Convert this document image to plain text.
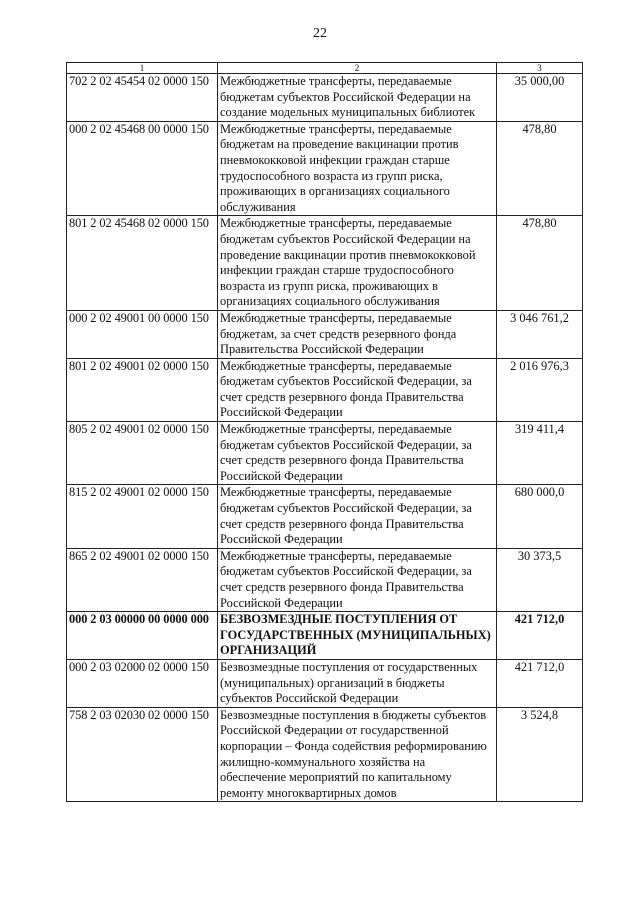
22
1	2	3
702 2 02 45454 02 0000 150	Межбюджетные трансферты, передаваемые бюджетам субъектов Российской Федерации на создание модельных муниципальных библиотек	35 000,00
000 2 02 45468 00 0000 150	Межбюджетные трансферты, передаваемые бюджетам на проведение вакцинации против пневмококковой инфекции граждан старше трудоспособного возраста из групп риска, проживающих в организациях социального обслуживания	478,80
801 2 02 45468 02 0000 150	Межбюджетные трансферты, передаваемые бюджетам субъектов Российской Федерации на проведение вакцинации против пневмококковой инфекции граждан старше трудоспособного возраста из групп риска, проживающих в организациях социального обслуживания	478,80
000 2 02 49001 00 0000 150	Межбюджетные трансферты, передаваемые бюджетам, за счет средств резервного фонда Правительства Российской Федерации	3 046 761,2
801 2 02 49001 02 0000 150	Межбюджетные трансферты, передаваемые бюджетам субъектов Российской Федерации, за счет средств резервного фонда Правительства Российской Федерации	2 016 976,3
805 2 02 49001 02 0000 150	Межбюджетные трансферты, передаваемые бюджетам субъектов Российской Федерации, за счет средств резервного фонда Правительства Российской Федерации	319 411,4
815 2 02 49001 02 0000 150	Межбюджетные трансферты, передаваемые бюджетам субъектов Российской Федерации, за счет средств резервного фонда Правительства Российской Федерации	680 000,0
865 2 02 49001 02 0000 150	Межбюджетные трансферты, передаваемые бюджетам субъектов Российской Федерации, за счет средств резервного фонда Правительства Российской Федерации	30 373,5
000 2 03 00000 00 0000 000	БЕЗВОЗМЕЗДНЫЕ ПОСТУПЛЕНИЯ ОТ ГОСУДАРСТВЕННЫХ (МУНИЦИПАЛЬНЫХ) ОРГАНИЗАЦИЙ	421 712,0
000 2 03 02000 02 0000 150	Безвозмездные поступления от государственных (муниципальных) организаций в бюджеты субъектов Российской Федерации	421 712,0
758 2 03 02030 02 0000 150	Безвозмездные поступления в бюджеты субъектов Российской Федерации от государственной корпорации – Фонда содействия реформированию жилищно-коммунального хозяйства на обеспечение мероприятий по капитальному ремонту многоквартирных домов	3 524,8
